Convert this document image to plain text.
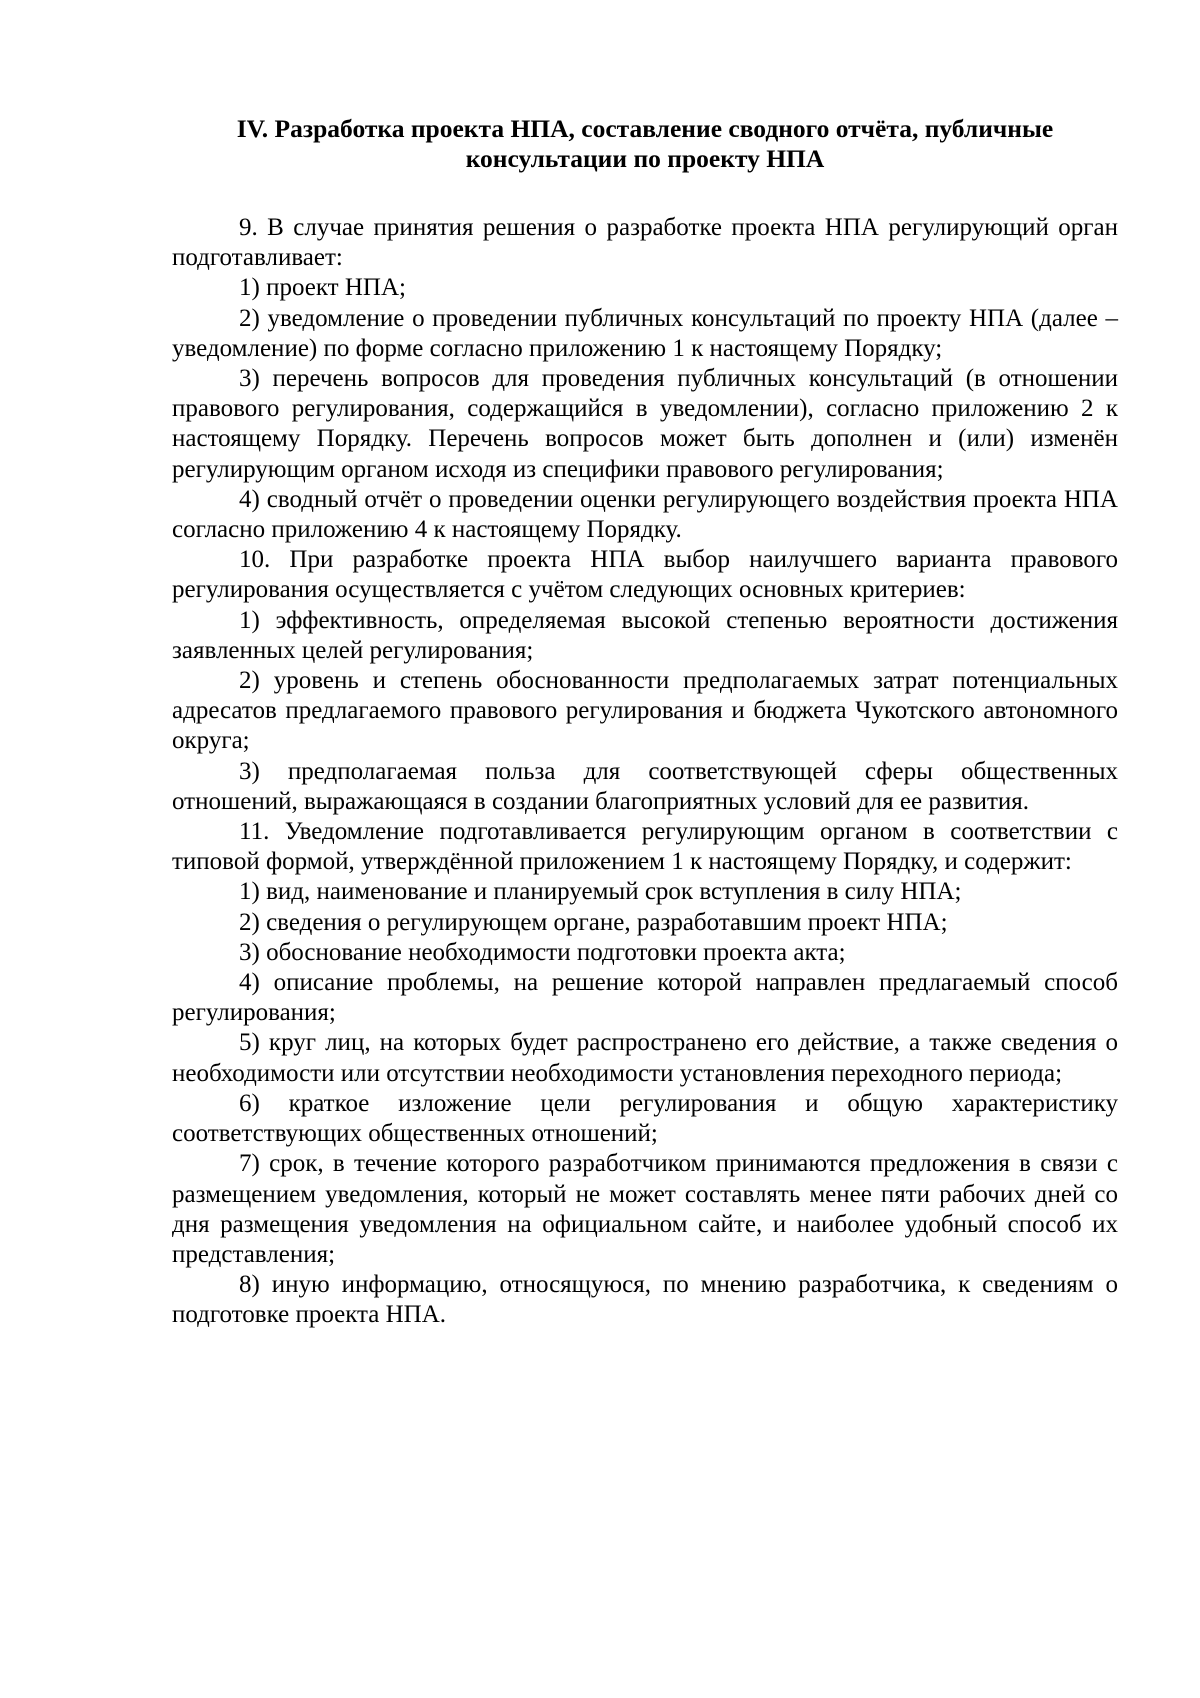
IV. Разработка проекта НПА, составление сводного отчёта, публичные
консультации по проекту НПА

9. В случае принятия решения о разработке проекта НПА регулирующий орган подготавливает:

1) проект НПА;

2) уведомление о проведении публичных консультаций по проекту НПА (далее – уведомление) по форме согласно приложению 1 к настоящему Порядку;

3) перечень вопросов для проведения публичных консультаций (в отношении правового регулирования, содержащийся в уведомлении), согласно приложению 2 к настоящему Порядку. Перечень вопросов может быть дополнен и (или) изменён регулирующим органом исходя из специфики правового регулирования;

4) сводный отчёт о проведении оценки регулирующего воздействия проекта НПА согласно приложению 4 к настоящему Порядку.

10. При разработке проекта НПА выбор наилучшего варианта правового регулирования осуществляется с учётом следующих основных критериев:

1) эффективность, определяемая высокой степенью вероятности достижения заявленных целей регулирования;

2) уровень и степень обоснованности предполагаемых затрат потенциальных адресатов предлагаемого правового регулирования и бюджета Чукотского автономного округа;

3) предполагаемая польза для соответствующей сферы общественных отношений, выражающаяся в создании благоприятных условий для ее развития.

11. Уведомление подготавливается регулирующим органом в соответствии с типовой формой, утверждённой приложением 1 к настоящему Порядку, и содержит:

1) вид, наименование и планируемый срок вступления в силу НПА;

2) сведения о регулирующем органе, разработавшим проект НПА;

3) обоснование необходимости подготовки проекта акта;

4) описание проблемы, на решение которой направлен предлагаемый способ регулирования;

5) круг лиц, на которых будет распространено его действие, а также сведения о необходимости или отсутствии необходимости установления переходного периода;

6) краткое изложение цели регулирования и общую характеристику соответствующих общественных отношений;

7) срок, в течение которого разработчиком принимаются предложения в связи с размещением уведомления, который не может составлять менее пяти рабочих дней со дня размещения уведомления на официальном сайте, и наиболее удобный способ их представления;

8) иную информацию, относящуюся, по мнению разработчика, к сведениям о подготовке проекта НПА.
